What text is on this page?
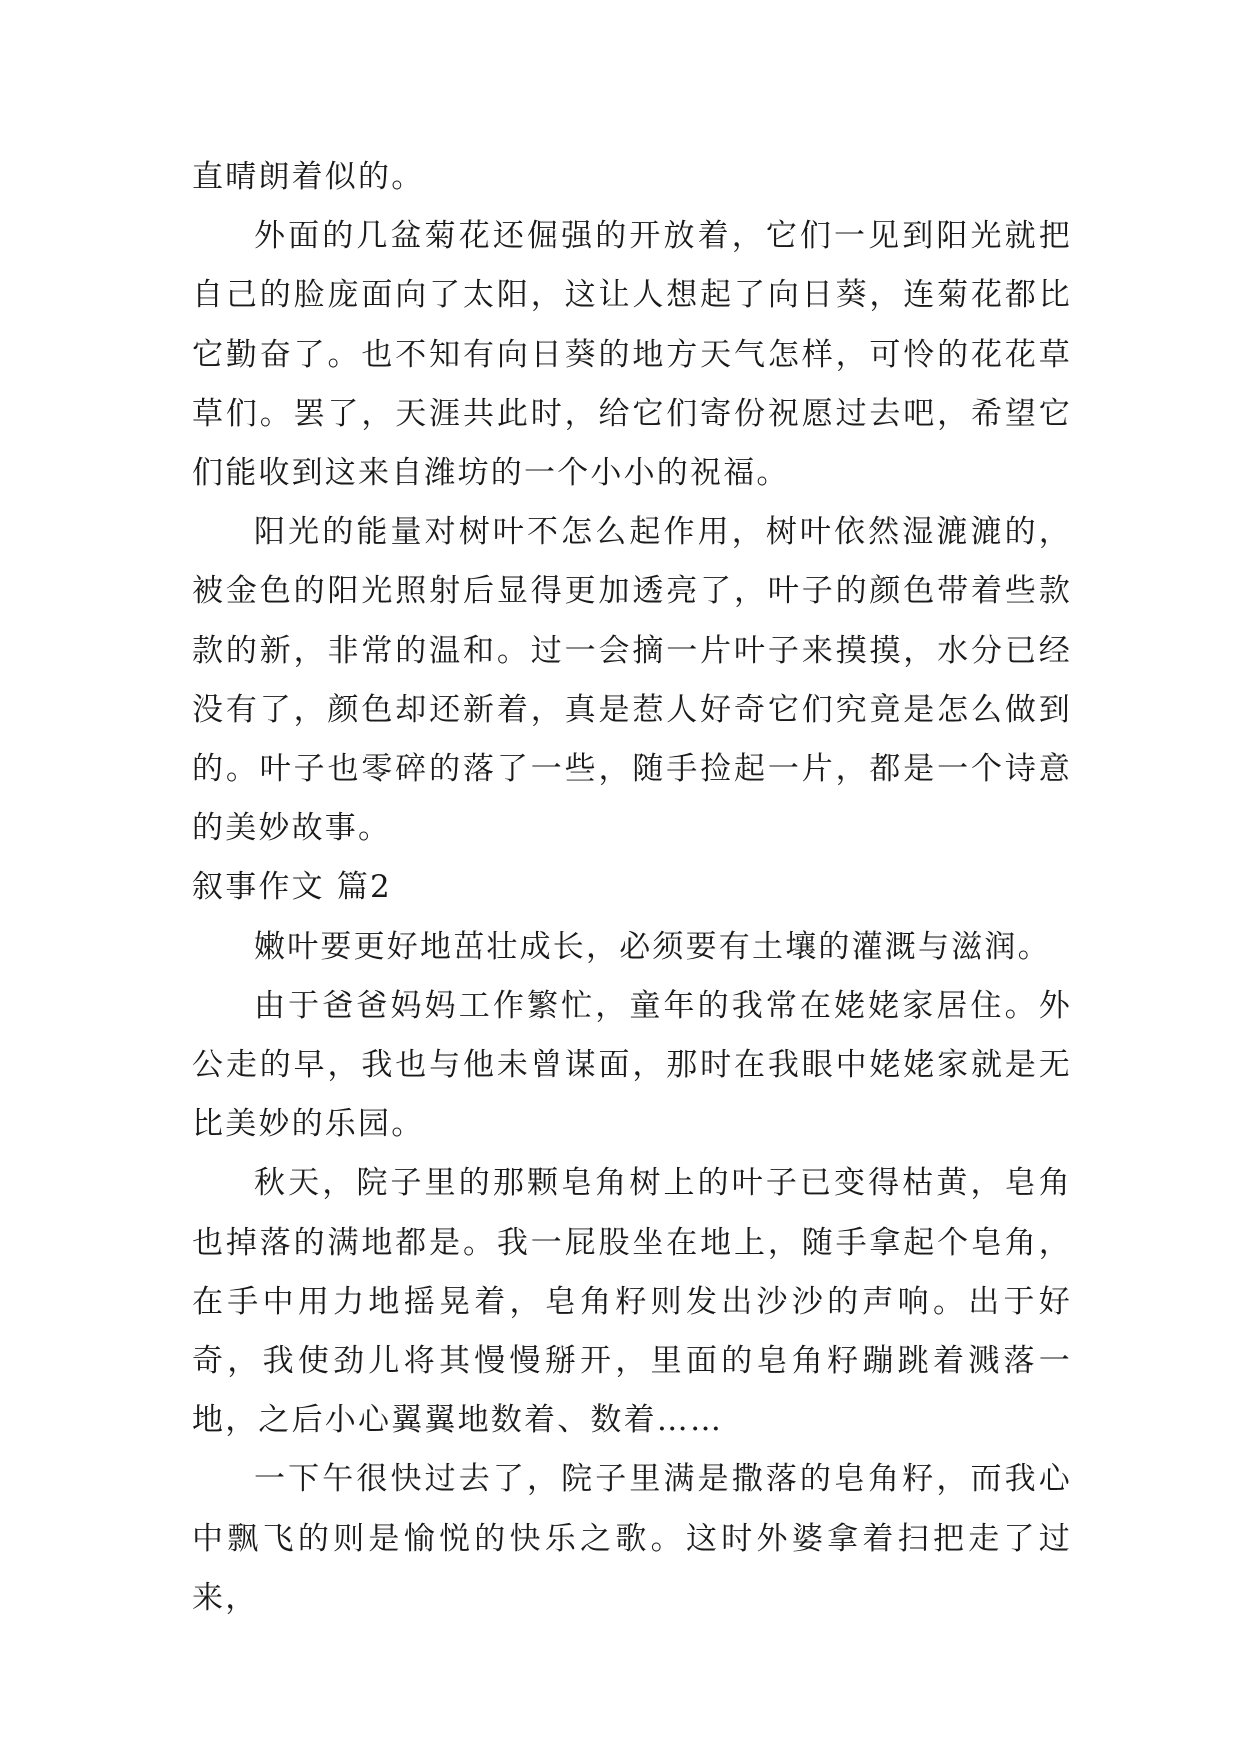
直晴朗着似的。

外面的几盆菊花还倔强的开放着，它们一见到阳光就把自己的脸庞面向了太阳，这让人想起了向日葵，连菊花都比它勤奋了。也不知有向日葵的地方天气怎样，可怜的花花草草们。罢了，天涯共此时，给它们寄份祝愿过去吧，希望它们能收到这来自潍坊的一个小小的祝福。

阳光的能量对树叶不怎么起作用，树叶依然湿漉漉的，被金色的阳光照射后显得更加透亮了，叶子的颜色带着些款款的新，非常的温和。过一会摘一片叶子来摸摸，水分已经没有了，颜色却还新着，真是惹人好奇它们究竟是怎么做到的。叶子也零碎的落了一些，随手捡起一片，都是一个诗意的美妙故事。

叙事作文 篇2

嫩叶要更好地茁壮成长，必须要有土壤的灌溉与滋润。

由于爸爸妈妈工作繁忙，童年的我常在姥姥家居住。外公走的早，我也与他未曾谋面，那时在我眼中姥姥家就是无比美妙的乐园。

秋天，院子里的那颗皂角树上的叶子已变得枯黄，皂角也掉落的满地都是。我一屁股坐在地上，随手拿起个皂角，在手中用力地摇晃着，皂角籽则发出沙沙的声响。出于好奇，我使劲儿将其慢慢掰开，里面的皂角籽蹦跳着溅落一地，之后小心翼翼地数着、数着……

一下午很快过去了，院子里满是撒落的皂角籽，而我心中飘飞的则是愉悦的快乐之歌。这时外婆拿着扫把走了过来，
